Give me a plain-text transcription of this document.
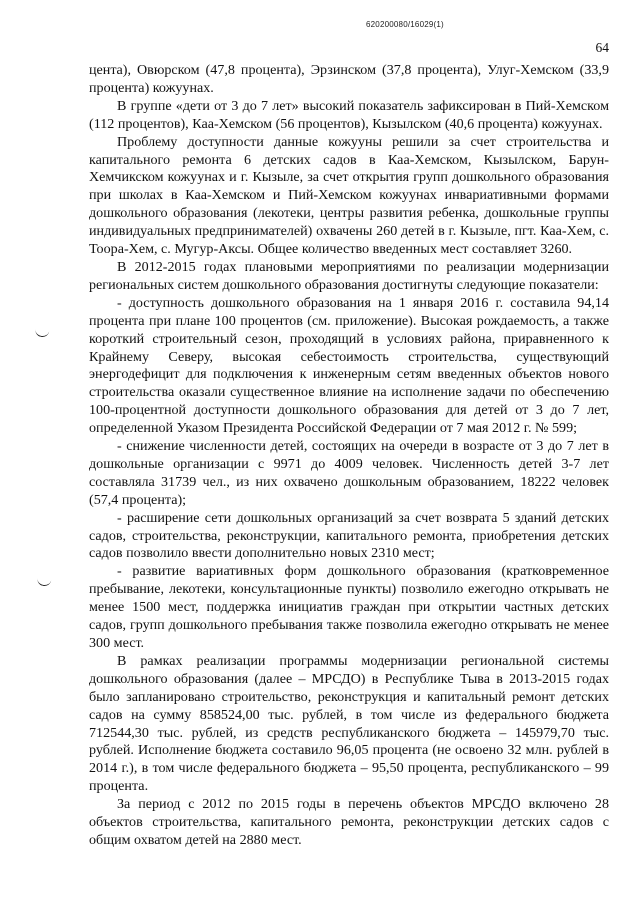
620200080/16029(1)
64

центa), Овюрском (47,8 процента), Эрзинском (37,8 процента), Улуг-Хемском (33,9 процента) кожуунах.

В группе «дети от 3 до 7 лет» высокий показатель зафиксирован в Пий-Хемском (112 процентов), Каа-Хемском (56 процентов), Кызылском (40,6 процента) кожуунах.

Проблему доступности данные кожууны решили за счет строительства и капитального ремонта 6 детских садов в Каа-Хемском, Кызылском, Барун-Хемчикском кожуунах и г. Кызыле, за счет открытия групп дошкольного образования при школах в Каа-Хемском и Пий-Хемском кожуунах инвариативными формами дошкольного образования (лекотеки, центры развития ребенка, дошкольные группы индивидуальных предпринимателей) охвачены 260 детей в г. Кызыле, пгт. Каа-Хем, с. Тоора-Хем, с. Мугур-Аксы. Общее количество введенных мест составляет 3260.

В 2012-2015 годах плановыми мероприятиями по реализации модернизации региональных систем дошкольного образования достигнуты следующие показатели:

- доступность дошкольного образования на 1 января 2016 г. составила 94,14 процента при плане 100 процентов (см. приложение). Высокая рождаемость, а также короткий строительный сезон, проходящий в условиях района, приравненного к Крайнему Северу, высокая себестоимость строительства, существующий энергодефицит для подключения к инженерным сетям введенных объектов нового строительства оказали существенное влияние на исполнение задачи по обеспечению 100-процентной доступности дошкольного образования для детей от 3 до 7 лет, определенной Указом Президента Российской Федерации от 7 мая 2012 г. № 599;

- снижение численности детей, состоящих на очереди в возрасте от 3 до 7 лет в дошкольные организации с 9971 до 4009 человек. Численность детей 3-7 лет составляла 31739 чел., из них охвачено дошкольным образованием, 18222 человек (57,4 процента);

- расширение сети дошкольных организаций за счет возврата 5 зданий детских садов, строительства, реконструкции, капитального ремонта, приобретения детских садов позволило ввести дополнительно новых 2310 мест;

- развитие вариативных форм дошкольного образования (кратковременное пребывание, лекотеки, консультационные пункты) позволило ежегодно открывать не менее 1500 мест, поддержка инициатив граждан при открытии частных детских садов, групп дошкольного пребывания также позволила ежегодно открывать не менее 300 мест.

В рамках реализации программы модернизации региональной системы дошкольного образования (далее – МРСДО) в Республике Тыва в 2013-2015 годах было запланировано строительство, реконструкция и капитальный ремонт детских садов на сумму 858524,00 тыс. рублей, в том числе из федерального бюджета 712544,30 тыс. рублей, из средств республиканского бюджета – 145979,70 тыс. рублей. Исполнение бюджета составило 96,05 процента (не освоено 32 млн. рублей в 2014 г.), в том числе федерального бюджета – 95,50 процента, республиканского – 99 процента.

За период с 2012 по 2015 годы в перечень объектов МРСДО включено 28 объектов строительства, капитального ремонта, реконструкции детских садов с общим охватом детей на 2880 мест.
